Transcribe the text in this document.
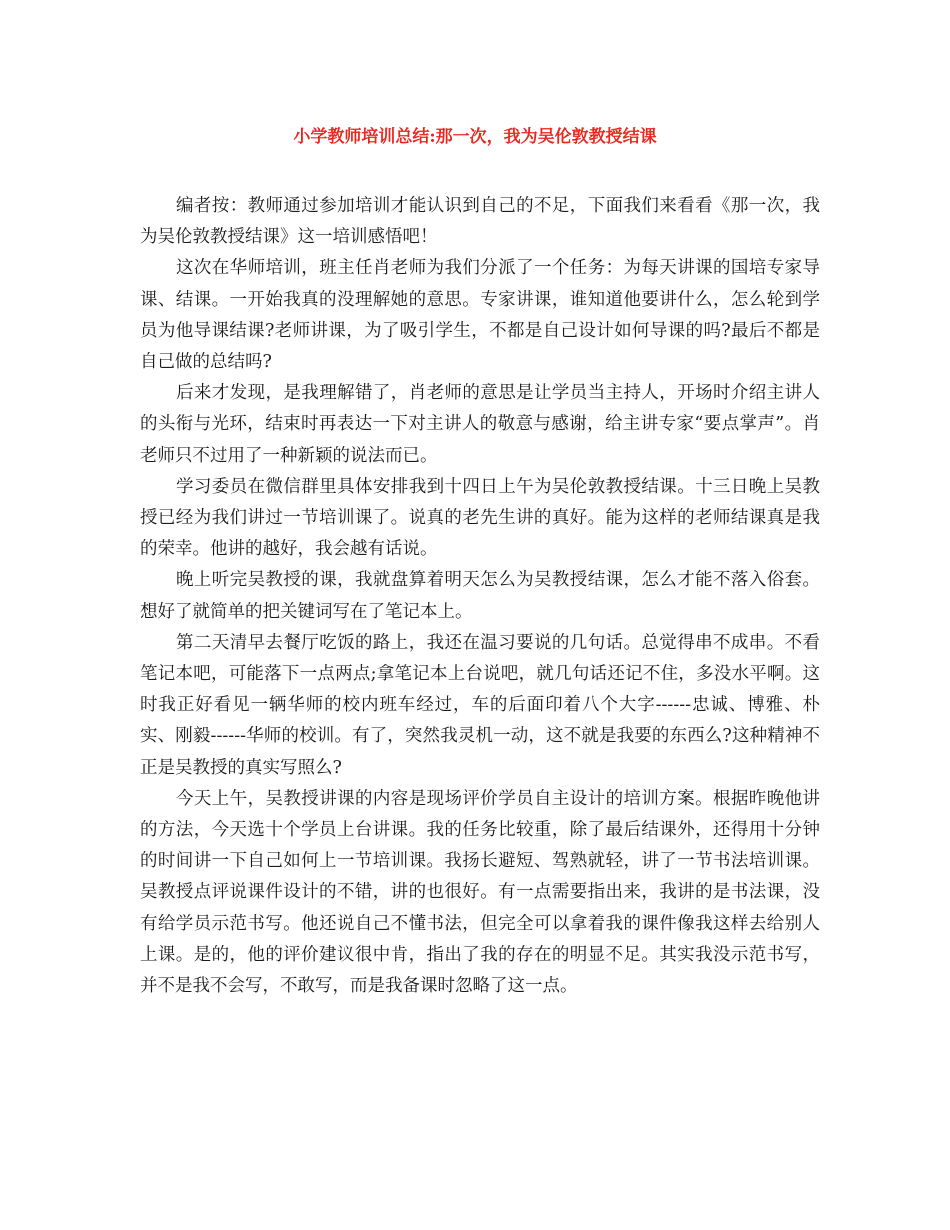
小学教师培训总结:那一次，我为吴伦敦教授结课

编者按：教师通过参加培训才能认识到自己的不足，下面我们来看看《那一次，我为吴伦敦教授结课》这一培训感悟吧！

这次在华师培训，班主任肖老师为我们分派了一个任务：为每天讲课的国培专家导课、结课。一开始我真的没理解她的意思。专家讲课，谁知道他要讲什么，怎么轮到学员为他导课结课?老师讲课，为了吸引学生，不都是自己设计如何导课的吗?最后不都是自己做的总结吗?

后来才发现，是我理解错了，肖老师的意思是让学员当主持人，开场时介绍主讲人的头衔与光环，结束时再表达一下对主讲人的敬意与感谢，给主讲专家“要点掌声”。肖老师只不过用了一种新颖的说法而已。

学习委员在微信群里具体安排我到十四日上午为吴伦敦教授结课。十三日晚上吴教授已经为我们讲过一节培训课了。说真的老先生讲的真好。能为这样的老师结课真是我的荣幸。他讲的越好，我会越有话说。

晚上听完吴教授的课，我就盘算着明天怎么为吴教授结课，怎么才能不落入俗套。想好了就简单的把关键词写在了笔记本上。

第二天清早去餐厅吃饭的路上，我还在温习要说的几句话。总觉得串不成串。不看笔记本吧，可能落下一点两点;拿笔记本上台说吧，就几句话还记不住，多没水平啊。这时我正好看见一辆华师的校内班车经过，车的后面印着八个大字------忠诚、博雅、朴实、刚毅------华师的校训。有了，突然我灵机一动，这不就是我要的东西么?这种精神不正是吴教授的真实写照么?

今天上午，吴教授讲课的内容是现场评价学员自主设计的培训方案。根据昨晚他讲的方法，今天选十个学员上台讲课。我的任务比较重，除了最后结课外，还得用十分钟的时间讲一下自己如何上一节培训课。我扬长避短、驾熟就轻，讲了一节书法培训课。吴教授点评说课件设计的不错，讲的也很好。有一点需要指出来，我讲的是书法课，没有给学员示范书写。他还说自己不懂书法，但完全可以拿着我的课件像我这样去给别人上课。是的，他的评价建议很中肯，指出了我的存在的明显不足。其实我没示范书写，并不是我不会写，不敢写，而是我备课时忽略了这一点。
